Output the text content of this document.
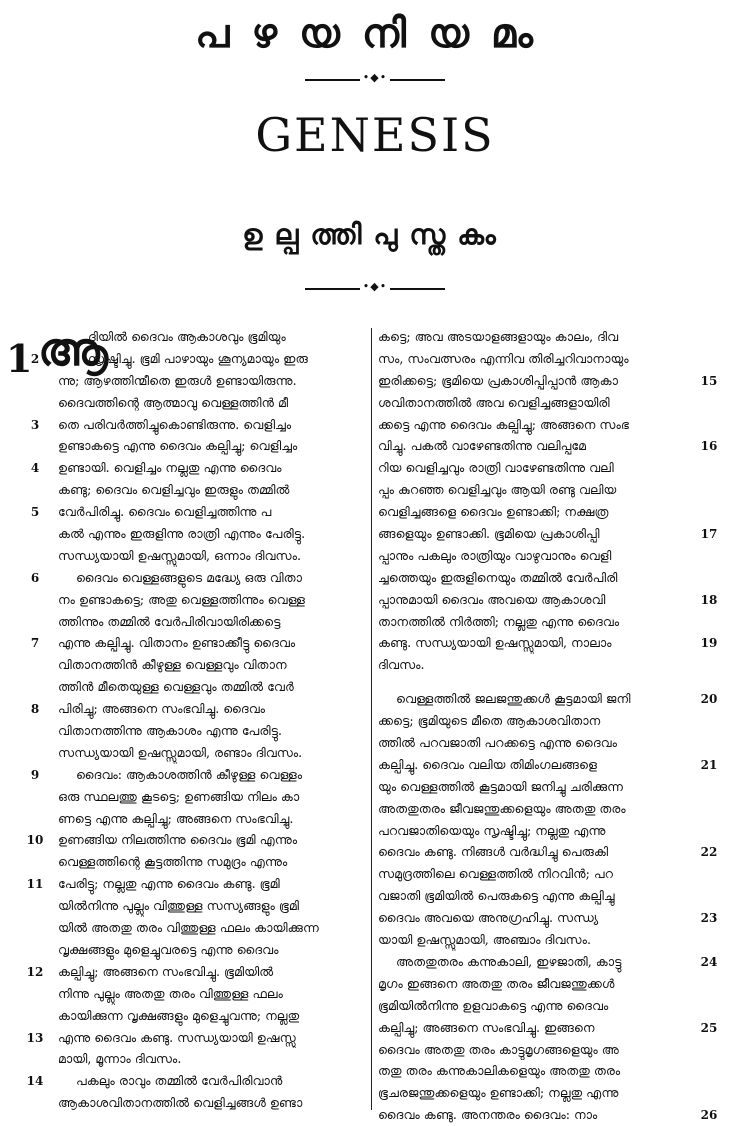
പഴയനിയമം
•◆•
GENESIS
ഉല്പത്തിപുസ്തകം
•◆•
1 ആ
ദിയിൽ ദൈവം ആകാശവും ഭൂമിയും
സൃഷ്ടിച്ചു. ഭൂമി പാഴായും ശൂന്യമായും ഇരു
ന്നു; ആഴത്തിന്മീതെ ഇരുൾ ഉണ്ടായിരുന്നു.
ദൈവത്തിന്റെ ആത്മാവു വെള്ളത്തിൻ മീ
തെ പരിവർത്തിച്ചുകൊണ്ടിരുന്നു. വെളിച്ചം
ഉണ്ടാകട്ടെ എന്നു ദൈവം കല്പിച്ചു; വെളിച്ചം
ഉണ്ടായി. വെളിച്ചം നല്ലതു എന്നു ദൈവം
കണ്ടു; ദൈവം വെളിച്ചവും ഇരുളും തമ്മിൽ
വേർപിരിച്ചു. ദൈവം വെളിച്ചത്തിന്നു പ
കൽ എന്നും ഇരുളിന്നു രാത്രി എന്നും പേരിട്ടു.
സന്ധ്യയായി ഉഷസ്സുമായി, ഒന്നാം ദിവസം.
ദൈവം വെള്ളങ്ങളുടെ മദ്ധ്യേ ഒരു വിതാ
നം ഉണ്ടാകട്ടെ; അതു വെള്ളത്തിന്നും വെള്ള
ത്തിന്നും തമ്മിൽ വേർപിരിവായിരിക്കട്ടെ
എന്നു കല്പിച്ചു. വിതാനം ഉണ്ടാക്കീട്ടു ദൈവം
വിതാനത്തിൻ കീഴുള്ള വെള്ളവും വിതാന
ത്തിൻ മീതെയുള്ള വെള്ളവും തമ്മിൽ വേർ
പിരിച്ചു; അങ്ങനെ സംഭവിച്ചു. ദൈവം
വിതാനത്തിന്നു ആകാശം എന്നു പേരിട്ടു.
സന്ധ്യയായി ഉഷസ്സുമായി, രണ്ടാം ദിവസം.
ദൈവം: ആകാശത്തിൻ കീഴുള്ള വെള്ളം
ഒരു സ്ഥലത്തു കൂടട്ടെ; ഉണങ്ങിയ നിലം കാ
ണട്ടെ എന്നു കല്പിച്ചു; അങ്ങനെ സംഭവിച്ചു.
ഉണങ്ങിയ നിലത്തിന്നു ദൈവം ഭൂമി എന്നും
വെള്ളത്തിന്റെ കൂട്ടത്തിന്നു സമുദ്രം എന്നും
പേരിട്ടു; നല്ലതു എന്നു ദൈവം കണ്ടു. ഭൂമി
യിൽനിന്നു പുല്ലും വിത്തുള്ള സസ്യങ്ങളും ഭൂമി
യിൽ അതതു തരം വിത്തുള്ള ഫലം കായിക്കുന്ന
വൃക്ഷങ്ങളും മുളെച്ചുവരട്ടെ എന്നു ദൈവം
കല്പിച്ചു; അങ്ങനെ സംഭവിച്ചു. ഭൂമിയിൽ
നിന്നു പുല്ലും അതതു തരം വിത്തുള്ള ഫലം
കായിക്കുന്ന വൃക്ഷങ്ങളും മുളെച്ചുവന്നു; നല്ലതു
എന്നു ദൈവം കണ്ടു. സന്ധ്യയായി ഉഷസ്സു
മായി, മൂന്നാം ദിവസം.
പകലും രാവും തമ്മിൽ വേർപിരിവാൻ
ആകാശവിതാനത്തിൽ വെളിച്ചങ്ങൾ ഉണ്ടാ
കട്ടെ; അവ അടയാളങ്ങളായും കാലം, ദിവ
സം, സംവത്സരം എന്നിവ തിരിച്ചറിവാനായും
ഇരിക്കട്ടെ; ഭൂമിയെ പ്രകാശിപ്പിപ്പാൻ ആകാ
ശവിതാനത്തിൽ അവ വെളിച്ചങ്ങളായിരി
ക്കട്ടെ എന്നു ദൈവം കല്പിച്ചു; അങ്ങനെ സംഭ
വിച്ചു. പകൽ വാഴേണ്ടതിന്നു വലിപ്പമേ
റിയ വെളിച്ചവും രാത്രി വാഴേണ്ടതിന്നു വലി
പ്പം കുറഞ്ഞ വെളിച്ചവും ആയി രണ്ടു വലിയ
വെളിച്ചങ്ങളെ ദൈവം ഉണ്ടാക്കി; നക്ഷത്ര
ങ്ങളെയും ഉണ്ടാക്കി. ഭൂമിയെ പ്രകാശിപ്പി
പ്പാനും പകലും രാത്രിയും വാഴുവാനും വെളി
ച്ചത്തെയും ഇരുളിനെയും തമ്മിൽ വേർപിരി
പ്പാനുമായി ദൈവം അവയെ ആകാശവി
താനത്തിൽ നിർത്തി; നല്ലതു എന്നു ദൈവം
കണ്ടു. സന്ധ്യയായി ഉഷസ്സുമായി, നാലാം
ദിവസം.
വെള്ളത്തിൽ ജലജന്തുക്കൾ കൂട്ടമായി ജനി
ക്കട്ടെ; ഭൂമിയുടെ മീതെ ആകാശവിതാന
ത്തിൽ പറവജാതി പറക്കട്ടെ എന്നു ദൈവം
കല്പിച്ചു. ദൈവം വലിയ തിമിംഗലങ്ങളെ
യും വെള്ളത്തിൽ കൂട്ടമായി ജനിച്ചു ചരിക്കുന്ന
അതതുതരം ജീവജന്തുക്കളെയും അതതു തരം
പറവജാതിയെയും സൃഷ്ടിച്ചു; നല്ലതു എന്നു
ദൈവം കണ്ടു. നിങ്ങൾ വർദ്ധിച്ചു പെരുകി
സമുദ്രത്തിലെ വെള്ളത്തിൽ നിറവിൻ; പറ
വജാതി ഭൂമിയിൽ പെരുകട്ടെ എന്നു കല്പിച്ചു
ദൈവം അവയെ അനുഗ്രഹിച്ചു. സന്ധ്യ
യായി ഉഷസ്സുമായി, അഞ്ചാം ദിവസം.
അതതുതരം കന്നുകാലി, ഇഴജാതി, കാട്ടു
മൃഗം ഇങ്ങനെ അതതു തരം ജീവജന്തുക്കൾ
ഭൂമിയിൽനിന്നു ഉളവാകട്ടെ എന്നു ദൈവം
കല്പിച്ചു; അങ്ങനെ സംഭവിച്ചു. ഇങ്ങനെ
ദൈവം അതതു തരം കാട്ടുമൃഗങ്ങളെയും അ
തതു തരം കന്നുകാലികളെയും അതതു തരം
ഭൂചരജന്തുക്കളെയും ഉണ്ടാക്കി; നല്ലതു എന്നു
ദൈവം കണ്ടു. അനന്തരം ദൈവം: നാം
2
3
4
5
6
7
8
9
10
11
12
13
14
15
16
17
18
19
20
21
22
23
24
25
26
